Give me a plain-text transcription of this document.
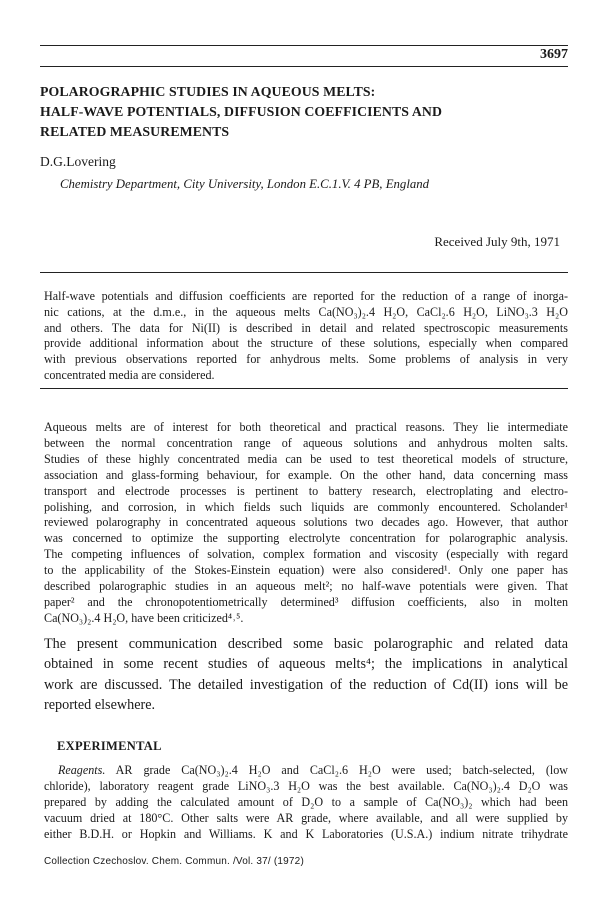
3697
POLAROGRAPHIC STUDIES IN AQUEOUS MELTS:
HALF-WAVE POTENTIALS, DIFFUSION COEFFICIENTS AND
RELATED MEASUREMENTS
D.G.Lovering
Chemistry Department, City University, London E.C.1.V. 4 PB, England
Received July 9th, 1971
Half-wave potentials and diffusion coefficients are reported for the reduction of a range of inorga-
nic cations, at the d.m.e., in the aqueous melts Ca(NO₃)₂.4 H₂O, CaCl₂.6 H₂O, LiNO₃.3 H₂O
and others. The data for Ni(II) is described in detail and related spectroscopic measurements
provide additional information about the structure of these solutions, especially when compared
with previous observations reported for anhydrous melts. Some problems of analysis in very
concentrated media are considered.
Aqueous melts are of interest for both theoretical and practical reasons. They lie intermediate
between the normal concentration range of aqueous solutions and anhydrous molten salts.
Studies of these highly concentrated media can be used to test theoretical models of structure,
association and glass-forming behaviour, for example. On the other hand, data concerning mass
transport and electrode processes is pertinent to battery research, electroplating and electro-
polishing, and corrosion, in which fields such liquids are commonly encountered. Scholander¹
reviewed polarography in concentrated aqueous solutions two decades ago. However, that author
was concerned to optimize the supporting electrolyte concentration for polarographic analysis.
The competing influences of solvation, complex formation and viscosity (especially with regard
to the applicability of the Stokes-Einstein equation) were also considered¹. Only one paper has
described polarographic studies in an aqueous melt²; no half-wave potentials were given. That
paper² and the chronopotentiometrically determined³ diffusion coefficients, also in molten
Ca(NO₃)₂.4 H₂O, have been criticized⁴˒⁵.
The present communication described some basic polarographic and related data
obtained in some recent studies of aqueous melts⁴; the implications in analytical
work are discussed. The detailed investigation of the reduction of Cd(II) ions will be
reported elsewhere.
EXPERIMENTAL
Reagents. AR grade Ca(NO₃)₂.4 H₂O and CaCl₂.6 H₂O were used; batch-selected, (low
chloride), laboratory reagent grade LiNO₃.3 H₂O was the best available. Ca(NO₃)₂.4 D₂O was
prepared by adding the calculated amount of D₂O to a sample of Ca(NO₃)₂ which had been
vacuum dried at 180°C. Other salts were AR grade, where available, and all were supplied by
either B.D.H. or Hopkin and Williams. K and K Laboratories (U.S.A.) indium nitrate trihydrate
Collection Czechoslov. Chem. Commun. /Vol. 37/ (1972)
